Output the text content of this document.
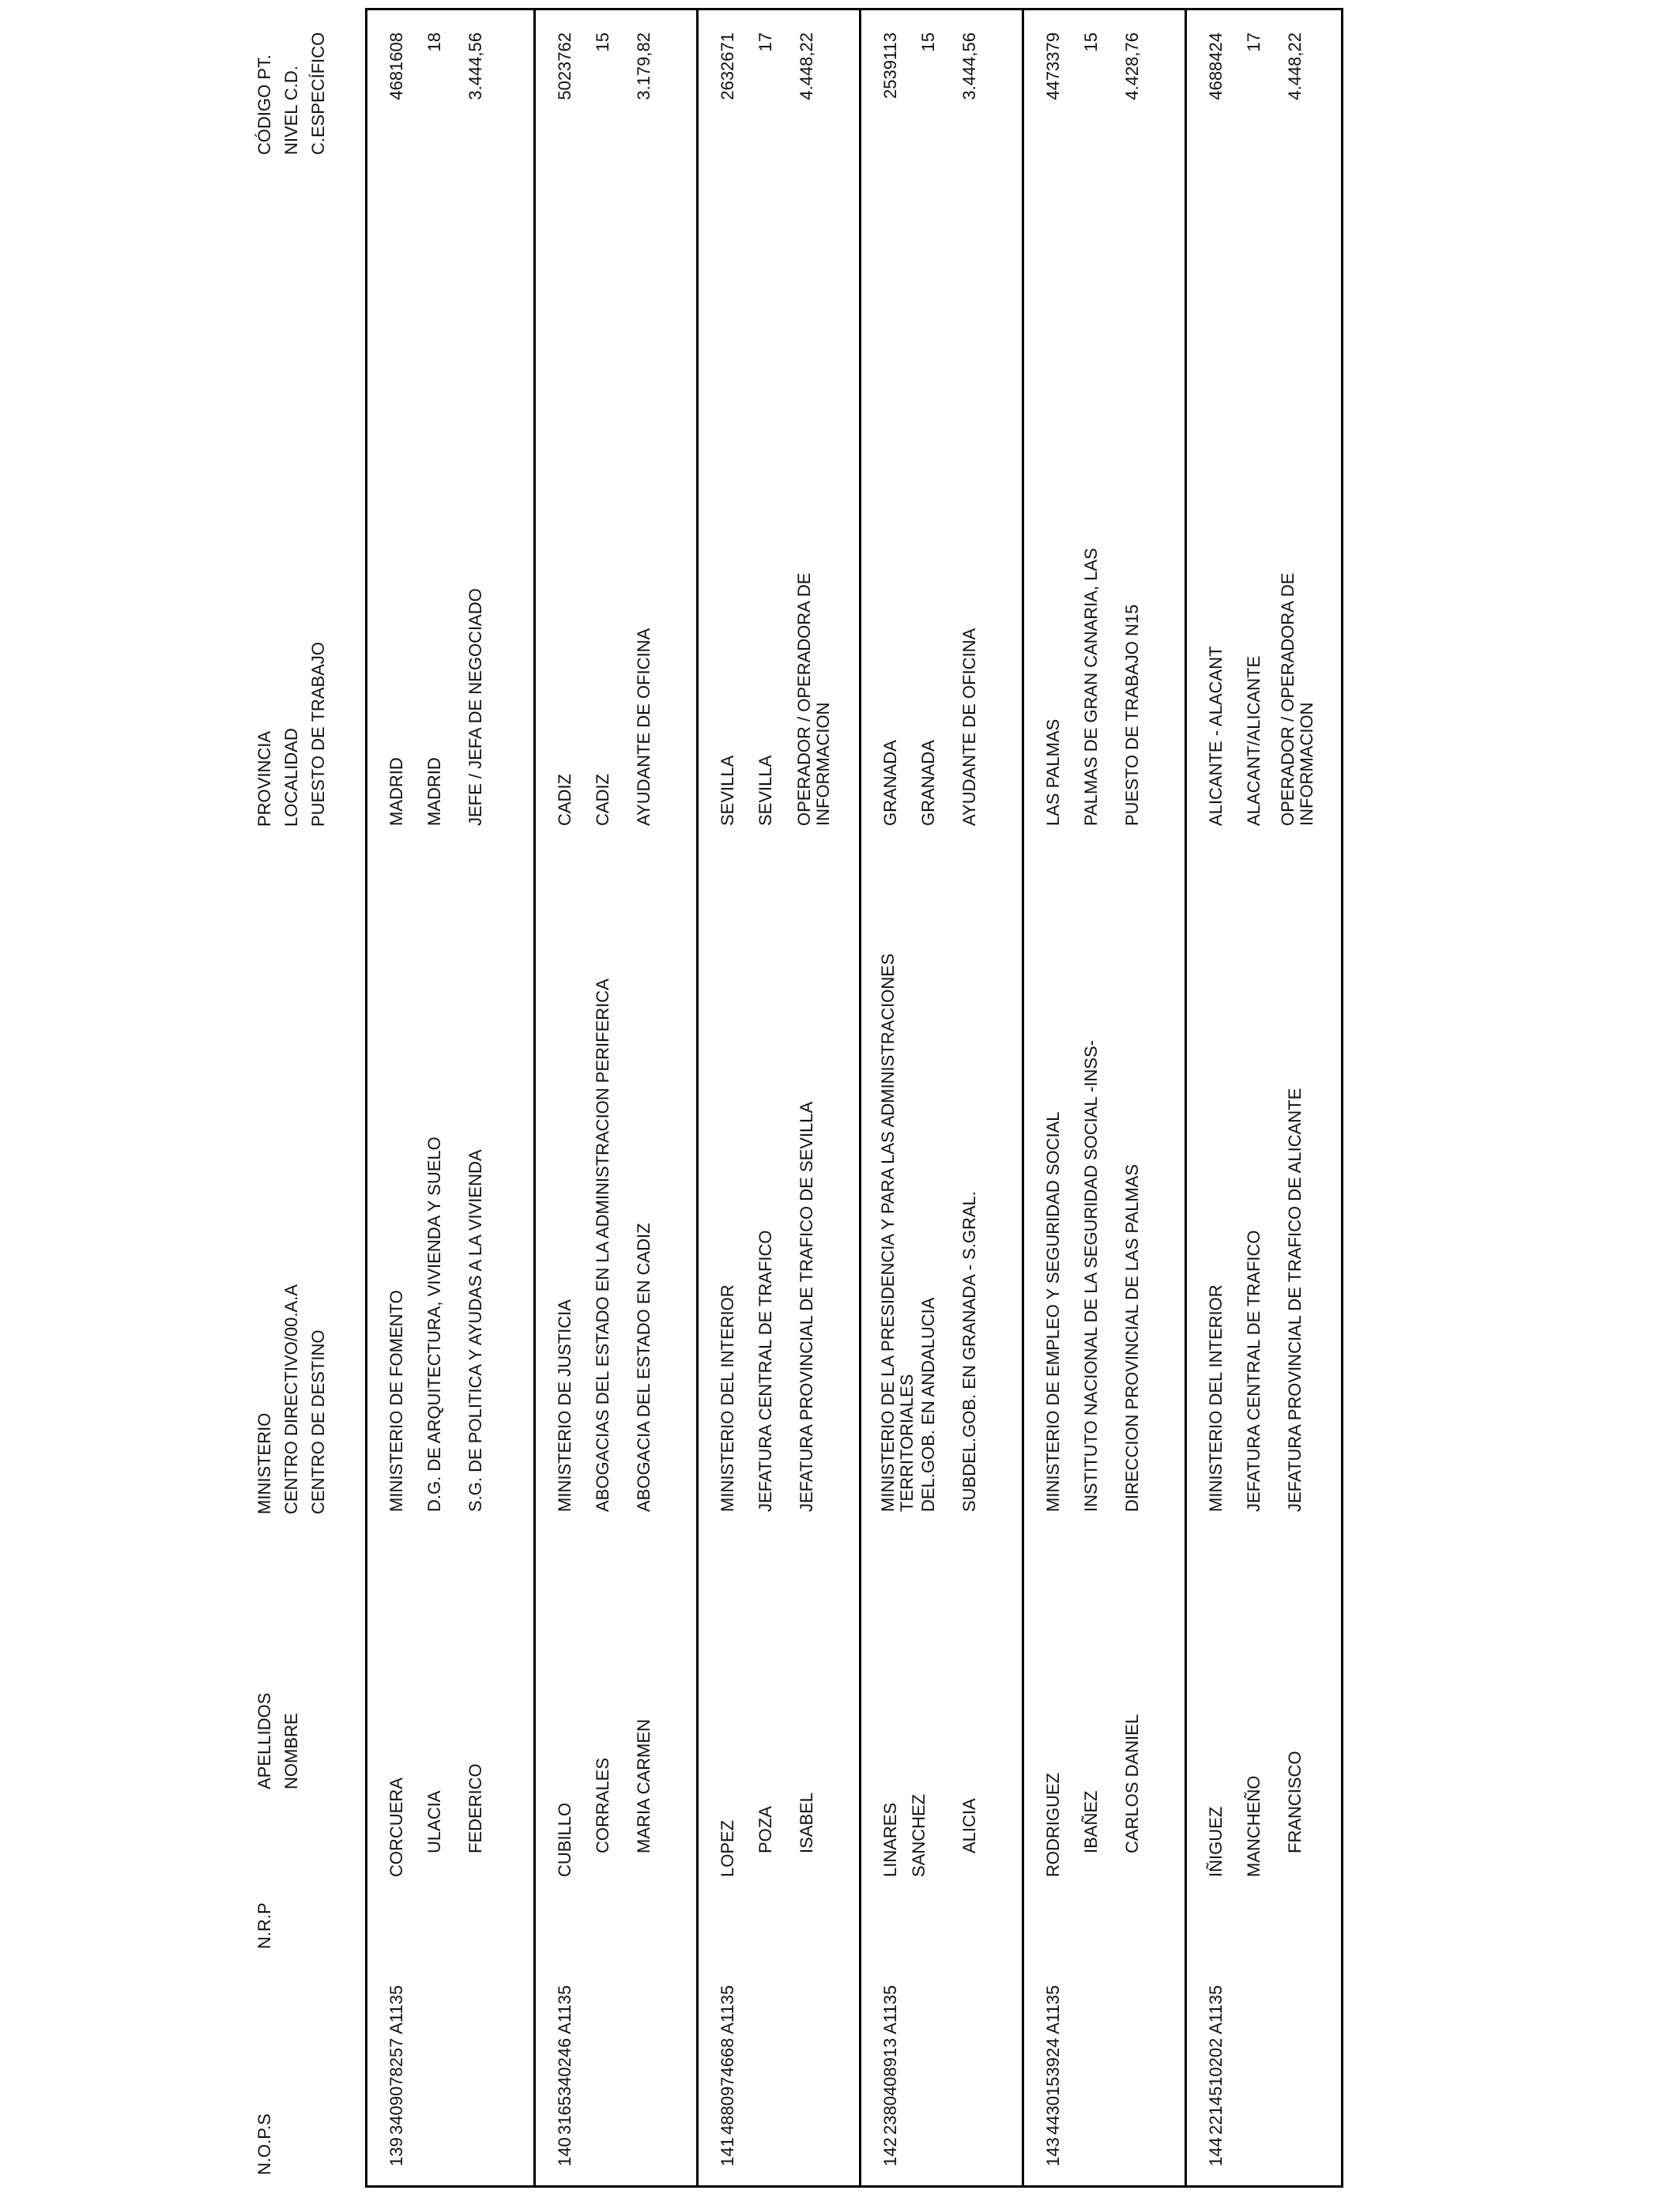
N.O.P.S
N.R.P
APELLIDOS
NOMBRE
MINISTERIO
CENTRO DIRECTIVO/00.A.A
CENTRO DE DESTINO
PROVINCIA
LOCALIDAD
PUESTO DE TRABAJO
CÓDIGO PT.
NIVEL C.D.
C.ESPECÍFICO
139
3409078257 A1135
CORCUERA ULACIA FEDERICO
MINISTERIO DE FOMENTO D.G. DE ARQUITECTURA, VIVIENDA Y SUELO S.G. DE POLITICA Y AYUDAS A LA VIVIENDA
MADRID MADRID JEFE / JEFA DE NEGOCIADO
4681608 18 3.444,56
140
3165340246 A1135
CUBILLO CORRALES MARIA CARMEN
MINISTERIO DE JUSTICIA ABOGACIAS DEL ESTADO EN LA ADMINISTRACION PERIFERICA ABOGACIA DEL ESTADO EN CADIZ
CADIZ CADIZ AYUDANTE DE OFICINA
5023762 15 3.179,82
141
4880974668 A1135
LOPEZ POZA ISABEL
MINISTERIO DEL INTERIOR JEFATURA CENTRAL DE TRAFICO JEFATURA PROVINCIAL DE TRAFICO DE SEVILLA
SEVILLA SEVILLA OPERADOR / OPERADORA DE
INFORMACION
2632671 17 4.448,22
142
2380408913 A1135
LINARES SANCHEZ ALICIA
MINISTERIO DE LA PRESIDENCIA Y PARA LAS ADMINISTRACIONES
TERRITORIALES DEL.GOB. EN ANDALUCIA SUBDEL.GOB. EN GRANADA - S.GRAL.
GRANADA GRANADA AYUDANTE DE OFICINA
2539113 15 3.444,56
143
4430153924 A1135
RODRIGUEZ IBAÑEZ CARLOS DANIEL
MINISTERIO DE EMPLEO Y SEGURIDAD SOCIAL INSTITUTO NACIONAL DE LA SEGURIDAD SOCIAL -INSS- DIRECCION PROVINCIAL DE LAS PALMAS
LAS PALMAS PALMAS DE GRAN CANARIA, LAS PUESTO DE TRABAJO N15
4473379 15 4.428,76
144
2214510202 A1135
IÑIGUEZ MANCHEÑO FRANCISCO
MINISTERIO DEL INTERIOR JEFATURA CENTRAL DE TRAFICO JEFATURA PROVINCIAL DE TRAFICO DE ALICANTE
ALICANTE - ALACANT ALACANT/ALICANTE OPERADOR / OPERADORA DE
INFORMACION
4688424 17 4.448,22
